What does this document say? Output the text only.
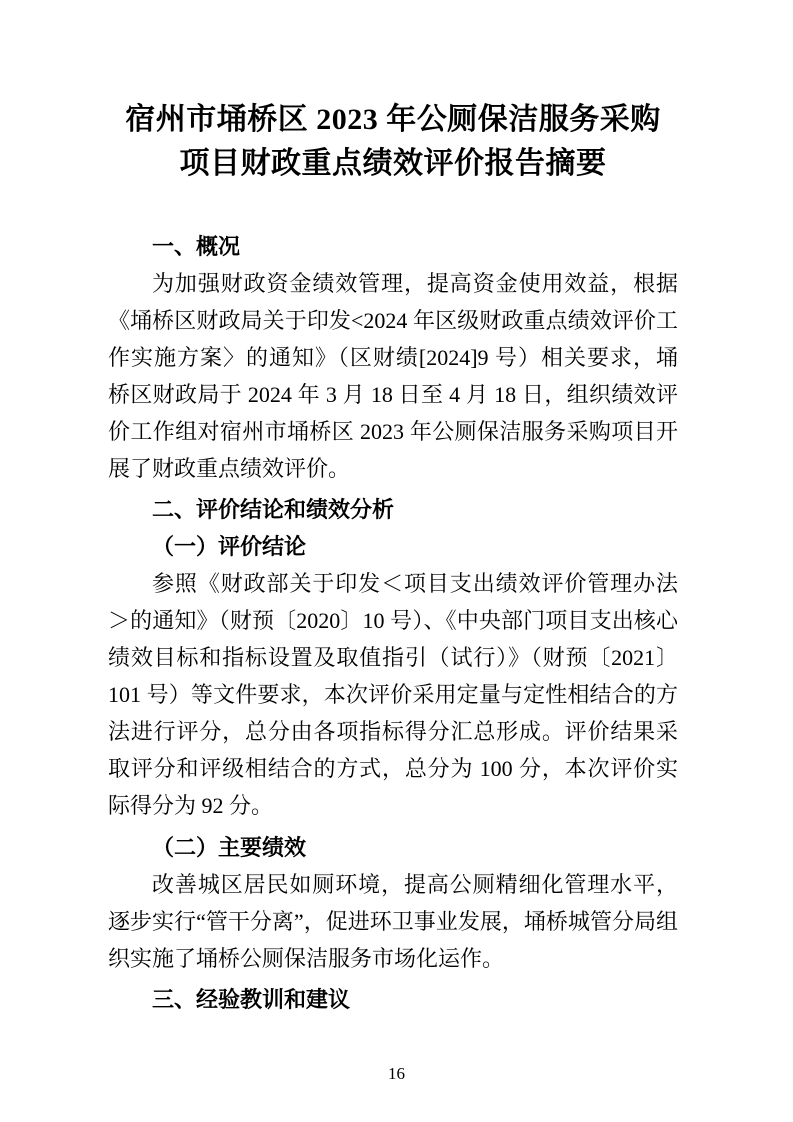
宿州市埇桥区 2023 年公厕保洁服务采购
项目财政重点绩效评价报告摘要
一、概况

为加强财政资金绩效管理，提高资金使用效益，根据《埇桥区财政局关于印发<2024 年区级财政重点绩效评价工作实施方案〉的通知》（区财绩[2024]9 号）相关要求，埇桥区财政局于 2024 年 3 月 18 日至 4 月 18 日，组织绩效评价工作组对宿州市埇桥区 2023 年公厕保洁服务采购项目开展了财政重点绩效评价。

二、评价结论和绩效分析
（一）评价结论

参照《财政部关于印发＜项目支出绩效评价管理办法＞的通知》（财预〔2020〕10 号）、《中央部门项目支出核心绩效目标和指标设置及取值指引（试行）》（财预〔2021〕101 号）等文件要求，本次评价采用定量与定性相结合的方法进行评分，总分由各项指标得分汇总形成。评价结果采取评分和评级相结合的方式，总分为 100 分，本次评价实际得分为 92 分。

（二）主要绩效

改善城区居民如厕环境，提高公厕精细化管理水平，逐步实行“管干分离”，促进环卫事业发展，埇桥城管分局组织实施了埇桥公厕保洁服务市场化运作。

三、经验教训和建议
16
